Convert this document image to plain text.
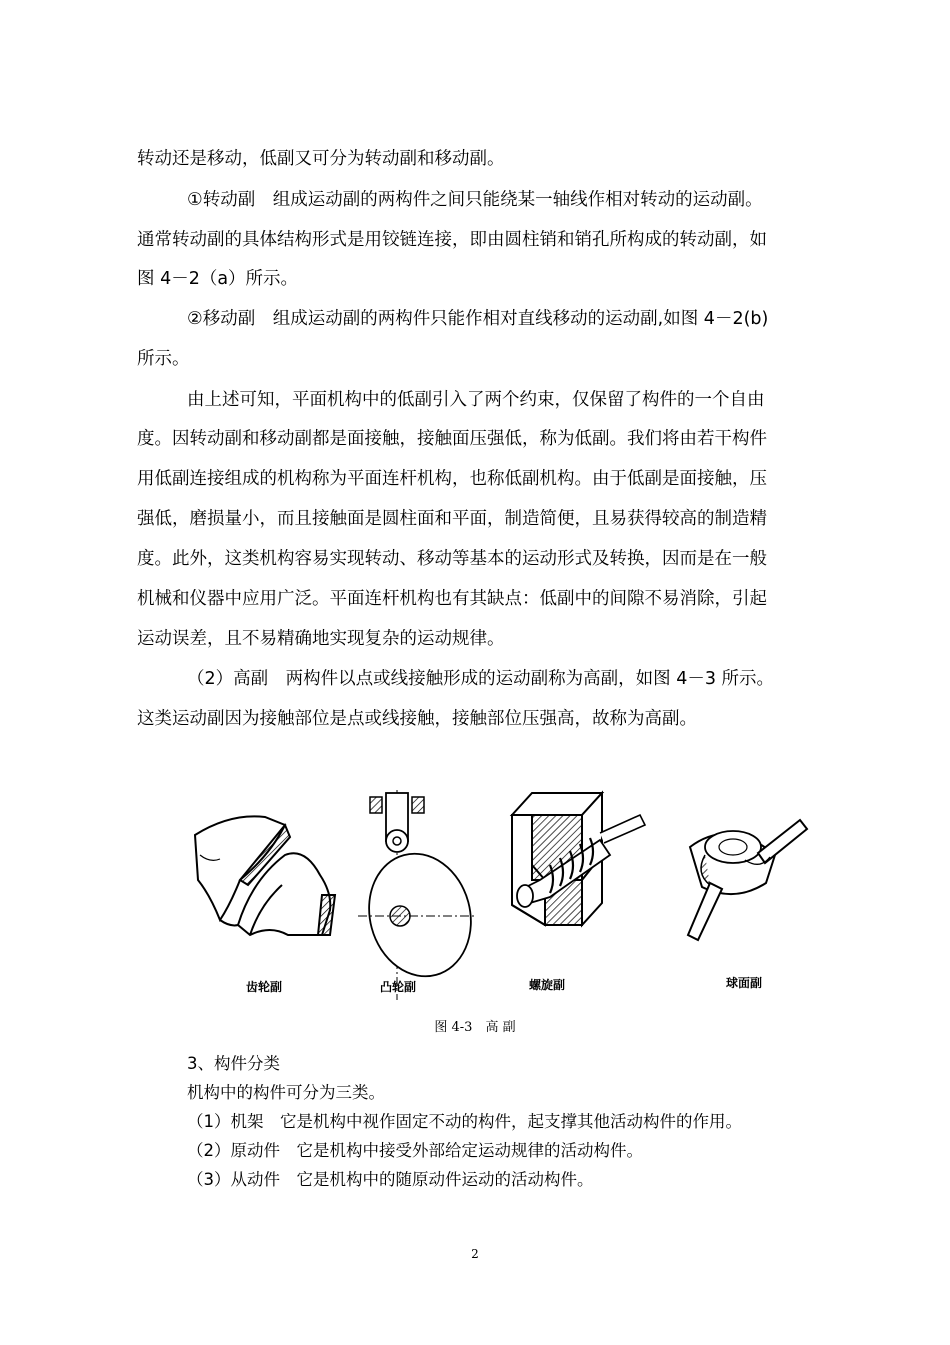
转动还是移动，低副又可分为转动副和移动副。
①转动副　组成运动副的两构件之间只能绕某一轴线作相对转动的运动副。
通常转动副的具体结构形式是用铰链连接，即由圆柱销和销孔所构成的转动副，如
图 4－2（a）所示。
②移动副　组成运动副的两构件只能作相对直线移动的运动副,如图 4－2(b)
所示。
由上述可知，平面机构中的低副引入了两个约束，仅保留了构件的一个自由
度。因转动副和移动副都是面接触，接触面压强低，称为低副。我们将由若干构件
用低副连接组成的机构称为平面连杆机构，也称低副机构。由于低副是面接触，压
强低，磨损量小，而且接触面是圆柱面和平面，制造简便，且易获得较高的制造精
度。此外，这类机构容易实现转动、移动等基本的运动形式及转换，因而是在一般
机械和仪器中应用广泛。平面连杆机构也有其缺点：低副中的间隙不易消除，引起
运动误差，且不易精确地实现复杂的运动规律。
（2）高副　两构件以点或线接触形成的运动副称为高副，如图 4－3 所示。
这类运动副因为接触部位是点或线接触，接触部位压强高，故称为高副。
齿轮副	凸轮副	螺旋副	球面副
图 4-3　高 副
3、构件分类
机构中的构件可分为三类。
（1）机架　它是机构中视作固定不动的构件，起支撑其他活动构件的作用。
（2）原动件　它是机构中接受外部给定运动规律的活动构件。
（3）从动件　它是机构中的随原动件运动的活动构件。
2
